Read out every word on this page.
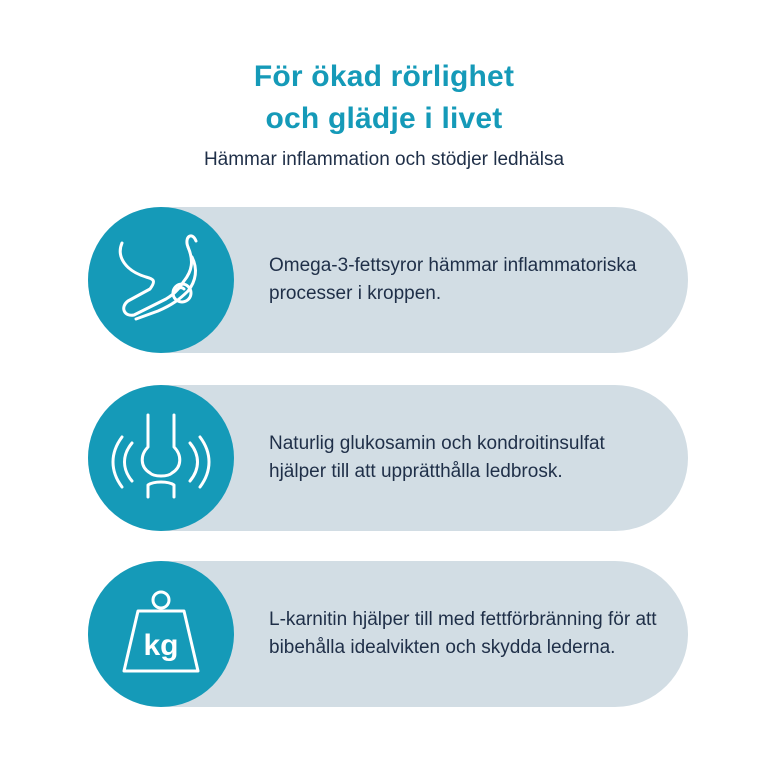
För ökad rörlighet
och glädje i livet
Hämmar inflammation och stödjer ledhälsa
Omega-3-fettsyror hämmar inflammatoriska processer i kroppen.
Naturlig glukosamin och kondroitinsulfat hjälper till att upprätthålla ledbrosk.
kg
L-karnitin hjälper till med fettförbränning för att bibehålla idealvikten och skydda lederna.
